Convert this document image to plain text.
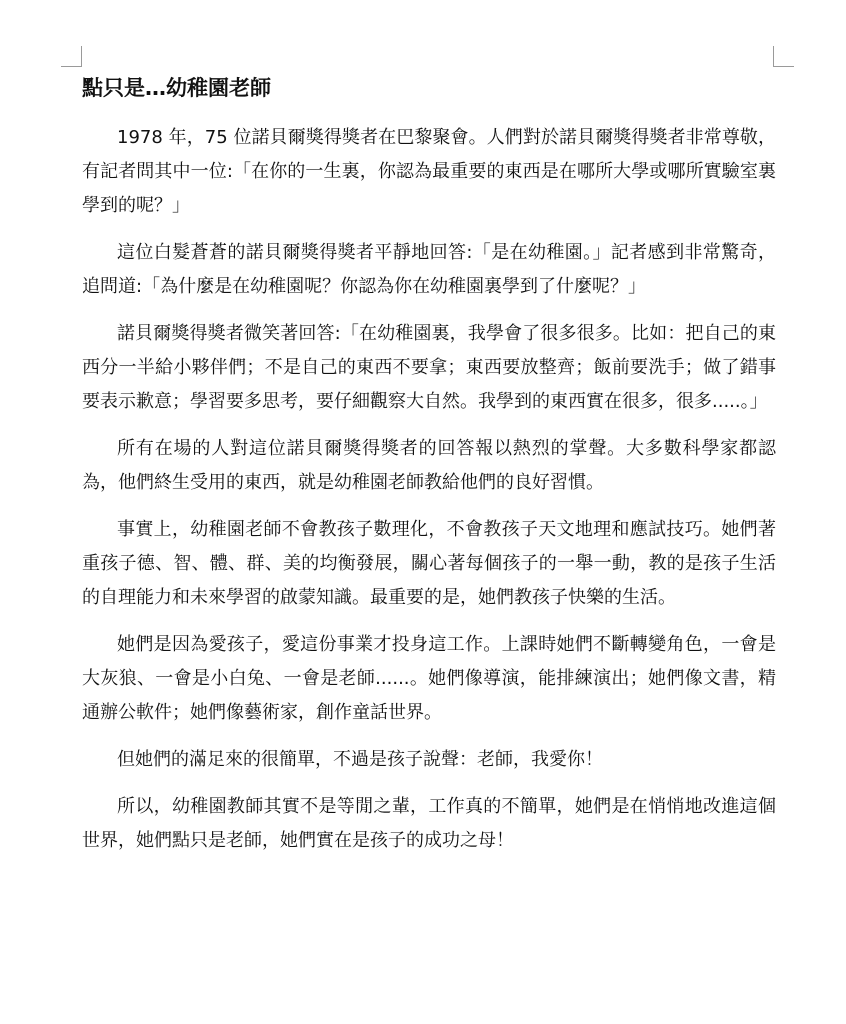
點只是…幼稚園老師

1978 年，75 位諾貝爾獎得獎者在巴黎聚會。人們對於諾貝爾獎得獎者非常尊敬，有記者問其中一位:「在你的一生裏，你認為最重要的東西是在哪所大學或哪所實驗室裏學到的呢？」

這位白髮蒼蒼的諾貝爾獎得獎者平靜地回答:「是在幼稚園。」記者感到非常驚奇，追問道:「為什麼是在幼稚園呢？你認為你在幼稚園裏學到了什麼呢？」

諾貝爾獎得獎者微笑著回答:「在幼稚園裏，我學會了很多很多。比如：把自己的東西分一半給小夥伴們；不是自己的東西不要拿；東西要放整齊；飯前要洗手；做了錯事要表示歉意；學習要多思考，要仔細觀察大自然。我學到的東西實在很多，很多.....。」

所有在場的人對這位諾貝爾獎得獎者的回答報以熱烈的掌聲。大多數科學家都認為，他們終生受用的東西，就是幼稚園老師教給他們的良好習慣。

事實上，幼稚園老師不會教孩子數理化，不會教孩子天文地理和應試技巧。她們著重孩子德、智、體、群、美的均衡發展，關心著每個孩子的一舉一動，教的是孩子生活的自理能力和未來學習的啟蒙知識。最重要的是，她們教孩子快樂的生活。

她們是因為愛孩子，愛這份事業才投身這工作。上課時她們不斷轉變角色，一會是大灰狼、一會是小白兔、一會是老師......。她們像導演，能排練演出；她們像文書，精通辦公軟件；她們像藝術家，創作童話世界。

但她們的滿足來的很簡單，不過是孩子說聲：老師，我愛你！

所以，幼稚園教師其實不是等閒之輩，工作真的不簡單，她們是在悄悄地改進這個世界，她們點只是老師，她們實在是孩子的成功之母！
